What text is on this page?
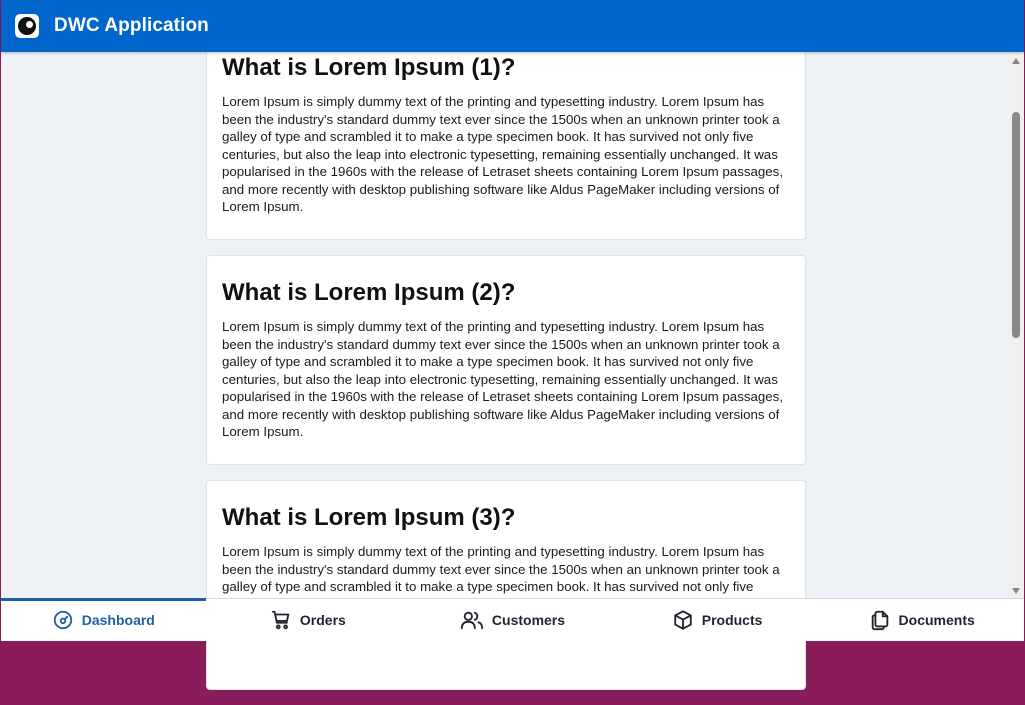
DWC Application
What is Lorem Ipsum (1)?

Lorem Ipsum is simply dummy text of the printing and typesetting industry. Lorem Ipsum has been the industry's standard dummy text ever since the 1500s when an unknown printer took a galley of type and scrambled it to make a type specimen book. It has survived not only five centuries, but also the leap into electronic typesetting, remaining essentially unchanged. It was popularised in the 1960s with the release of Letraset sheets containing Lorem Ipsum passages, and more recently with desktop publishing software like Aldus PageMaker including versions of Lorem Ipsum.

What is Lorem Ipsum (2)?

Lorem Ipsum is simply dummy text of the printing and typesetting industry. Lorem Ipsum has been the industry's standard dummy text ever since the 1500s when an unknown printer took a galley of type and scrambled it to make a type specimen book. It has survived not only five centuries, but also the leap into electronic typesetting, remaining essentially unchanged. It was popularised in the 1960s with the release of Letraset sheets containing Lorem Ipsum passages, and more recently with desktop publishing software like Aldus PageMaker including versions of Lorem Ipsum.

What is Lorem Ipsum (3)?

Lorem Ipsum is simply dummy text of the printing and typesetting industry. Lorem Ipsum has been the industry's standard dummy text ever since the 1500s when an unknown printer took a galley of type and scrambled it to make a type specimen book. It has survived not only five

Dashboard	Orders	Customers	Products	Documents
